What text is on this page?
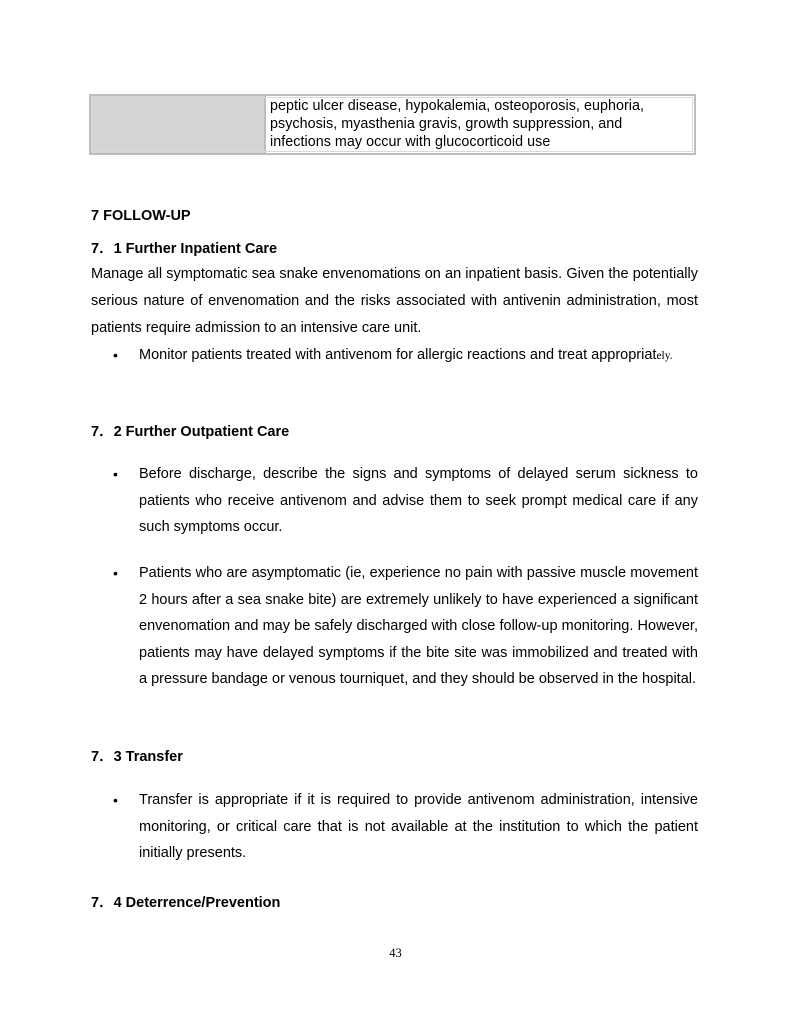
peptic ulcer disease, hypokalemia, osteoporosis, euphoria,
psychosis, myasthenia gravis, growth suppression, and
infections may occur with glucocorticoid use
7 FOLLOW-UP
7．1 Further Inpatient Care
Manage all symptomatic sea snake envenomations on an inpatient basis. Given the potentially serious nature of envenomation and the risks associated with antivenin administration, most patients require admission to an intensive care unit.
•	Monitor patients treated with antivenom for allergic reactions and treat appropriately.
7．2 Further Outpatient Care
•	Before discharge, describe the signs and symptoms of delayed serum sickness to patients who receive antivenom and advise them to seek prompt medical care if any such symptoms occur.
•	Patients who are asymptomatic (ie, experience no pain with passive muscle movement 2 hours after a sea snake bite) are extremely unlikely to have experienced a significant envenomation and may be safely discharged with close follow-up monitoring. However, patients may have delayed symptoms if the bite site was immobilized and treated with a pressure bandage or venous tourniquet, and they should be observed in the hospital.
7．3 Transfer
•	Transfer is appropriate if it is required to provide antivenom administration, intensive monitoring, or critical care that is not available at the institution to which the patient initially presents.
7．4 Deterrence/Prevention
43
